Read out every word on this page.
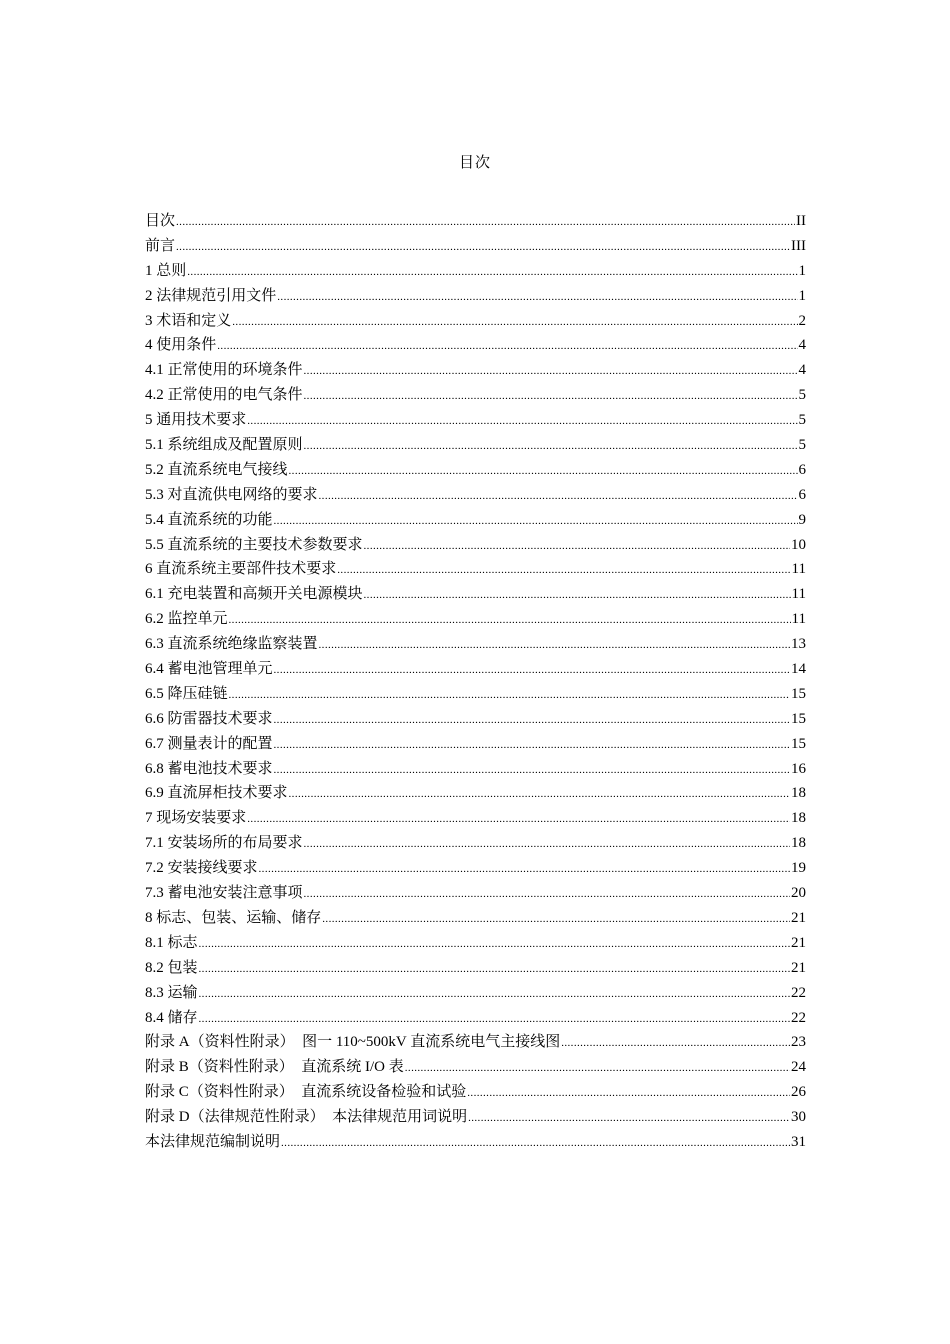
目次
目次 .....	II
前言 .....	III
1 总则 .....	1
2 法律规范引用文件 .....	1
3 术语和定义 .....	2
4 使用条件 .....	4
4.1 正常使用的环境条件 .....	4
4.2 正常使用的电气条件 .....	5
5 通用技术要求 .....	5
5.1 系统组成及配置原则 .....	5
5.2 直流系统电气接线 .....	6
5.3 对直流供电网络的要求 .....	6
5.4 直流系统的功能 .....	9
5.5 直流系统的主要技术参数要求 .....	10
6 直流系统主要部件技术要求 .....	11
6.1 充电装置和高频开关电源模块 .....	11
6.2 监控单元 .....	11
6.3 直流系统绝缘监察装置 .....	13
6.4 蓄电池管理单元 .....	14
6.5 降压硅链 .....	15
6.6 防雷器技术要求 .....	15
6.7 测量表计的配置 .....	15
6.8 蓄电池技术要求 .....	16
6.9 直流屏柜技术要求 .....	18
7 现场安装要求 .....	18
7.1 安装场所的布局要求 .....	18
7.2 安装接线要求 .....	19
7.3 蓄电池安装注意事项 .....	20
8 标志、包装、运输、储存 .....	21
8.1 标志 .....	21
8.2 包装 .....	21
8.3 运输 .....	22
8.4 储存 .....	22
附录 A（资料性附录）　图一 110~500kV 直流系统电气主接线图 .....	23
附录 B（资料性附录）　直流系统 I/O 表 .....	24
附录 C（资料性附录）　直流系统设备检验和试验 .....	26
附录 D（法律规范性附录）　本法律规范用词说明 .....	30
本法律规范编制说明 .....	31
